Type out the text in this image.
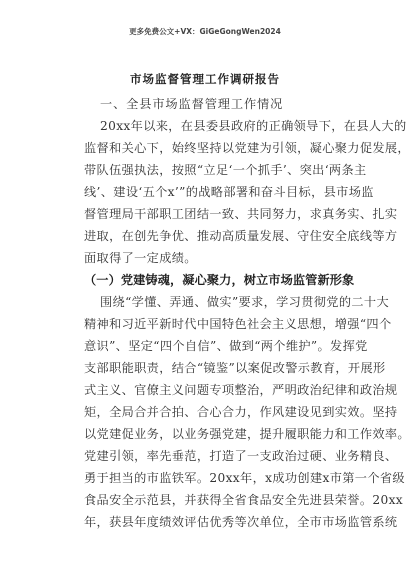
更多免费公文+VX：GiGeGongWen2024
市场监督管理工作调研报告
一、全县市场监督管理工作情况
20xx年以来，在县委县政府的正确领导下，在县人大的
监督和关心下，始终坚持以党建为引领，凝心聚力促发展，
带队伍强执法，按照“立足‘一个抓手’、突出‘两条主
线’、建设‘五个x’”的战略部署和奋斗目标，县市场监
督管理局干部职工团结一致、共同努力，求真务实、扎实
进取，在创先争优、推动高质量发展、守住安全底线等方
面取得了一定成绩。
（一）党建铸魂，凝心聚力，树立市场监管新形象
围绕“学懂、弄通、做实”要求，学习贯彻党的二十大
精神和习近平新时代中国特色社会主义思想，增强“四个
意识”、坚定“四个自信”、做到“两个维护”。发挥党
支部职能职责，结合“镜鉴”以案促改警示教育，开展形
式主义、官僚主义问题专项整治，严明政治纪律和政治规
矩，全局合并合拍、合心合力，作风建设见到实效。坚持
以党建促业务，以业务强党建，提升履职能力和工作效率。
党建引领，率先垂范，打造了一支政治过硬、业务精良、
勇于担当的市监铁军。20xx年，x成功创建x市第一个省级
食品安全示范县，并获得全省食品安全先进县荣誉。20xx
年，获县年度绩效评估优秀等次单位，全市市场监管系统
